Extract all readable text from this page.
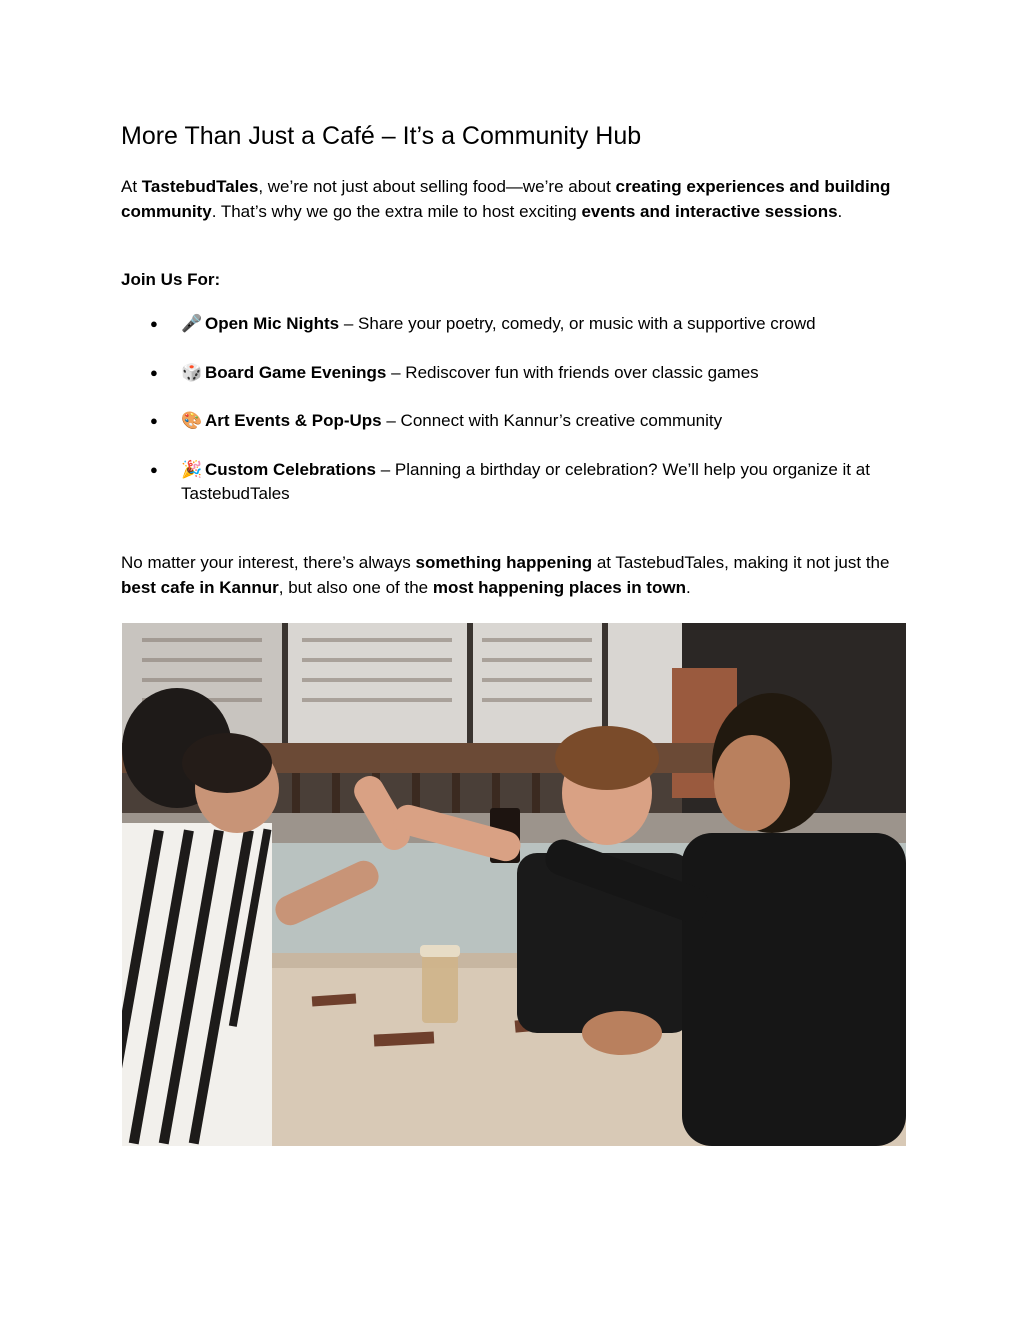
More Than Just a Café – It’s a Community Hub

At TastebudTales, we’re not just about selling food—we’re about creating experiences and building community. That’s why we go the extra mile to host exciting events and interactive sessions.

Join Us For:

● 🎤 Open Mic Nights – Share your poetry, comedy, or music with a supportive crowd
● 🎲 Board Game Evenings – Rediscover fun with friends over classic games
● 🎨 Art Events & Pop-Ups – Connect with Kannur’s creative community
● 🎉 Custom Celebrations – Planning a birthday or celebration? We’ll help you organize it at TastebudTales

No matter your interest, there’s always something happening at TastebudTales, making it not just the best cafe in Kannur, but also one of the most happening places in town.
